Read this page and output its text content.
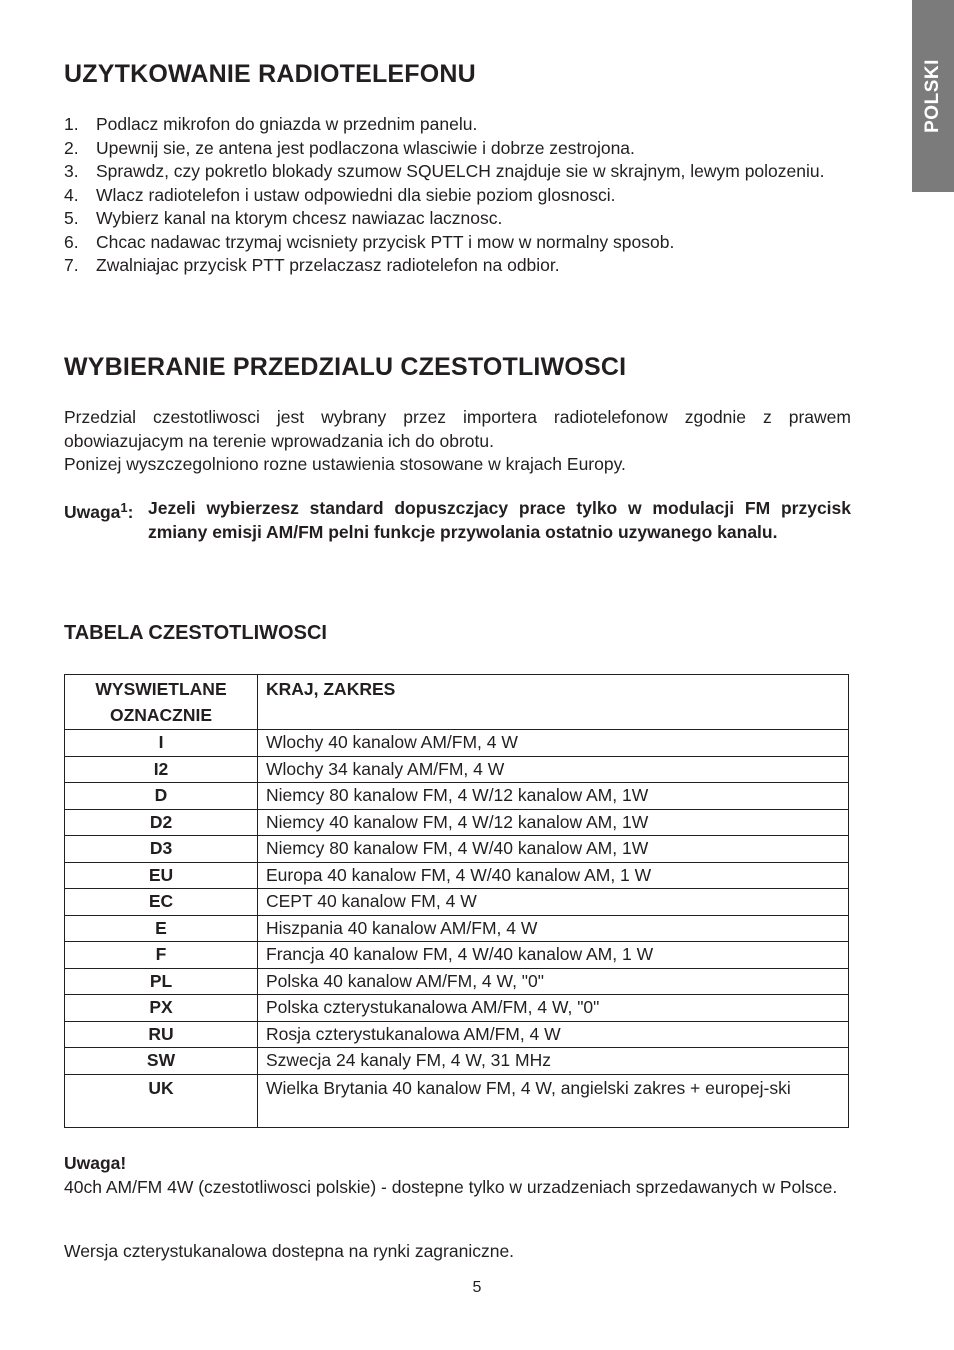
POLSKI
UZYTKOWANIE RADIOTELEFONU
1. Podlacz mikrofon do gniazda w przednim panelu.
2. Upewnij sie, ze antena jest podlaczona wlasciwie i dobrze zestrojona.
3. Sprawdz, czy pokretlo blokady szumow SQUELCH znajduje sie w skrajnym, lewym polozeniu.
4. Wlacz radiotelefon i ustaw odpowiedni dla siebie poziom glosnosci.
5. Wybierz kanal na ktorym chcesz nawiazac lacznosc.
6. Chcac nadawac trzymaj wcisniety przycisk PTT i mow w normalny sposob.
7. Zwalniajac przycisk PTT przelaczasz radiotelefon na odbior.
WYBIERANIE PRZEDZIALU CZESTOTLIWOSCI

Przedzial czestotliwosci jest wybrany przez importera radiotelefonow zgodnie z prawem obowiazujacym na terenie wprowadzania ich do obrotu.

Ponizej wyszczegolniono rozne ustawienia stosowane w krajach Europy.

Uwaga$^1$: Jezeli wybierzesz standard dopuszczjacy prace tylko w modulacji FM przycisk zmiany emisji AM/FM pelni funkcje przywolania ostatnio uzywanego kanalu.
TABELA CZESTOTLIWOSCI
WYSWIETLANE OZNACZNIE	KRAJ, ZAKRES
I	Wlochy 40 kanalow AM/FM, 4 W
I2	Wlochy 34 kanaly AM/FM, 4 W
D	Niemcy 80 kanalow FM, 4 W/12 kanalow AM, 1W
D2	Niemcy 40 kanalow FM, 4 W/12 kanalow AM, 1W
D3	Niemcy 80 kanalow FM, 4 W/40 kanalow AM, 1W
EU	Europa 40 kanalow FM, 4 W/40 kanalow AM, 1 W
EC	CEPT 40 kanalow FM, 4 W
E	Hiszpania 40 kanalow AM/FM, 4 W
F	Francja 40 kanalow FM, 4 W/40 kanalow AM, 1 W
PL	Polska 40 kanalow AM/FM, 4 W, "0"
PX	Polska czterystukanalowa AM/FM, 4 W, "0"
RU	Rosja czterystukanalowa AM/FM, 4 W
SW	Szwecja 24 kanaly FM, 4 W, 31 MHz
UK	Wielka Brytania 40 kanalow FM, 4 W, angielski zakres + europej-ski

Uwaga!

40ch AM/FM 4W (czestotliwosci polskie) - dostepne tylko w urzadzeniach sprzedawanych w Polsce.

Wersja czterystukanalowa dostepna na rynki zagraniczne.

5
